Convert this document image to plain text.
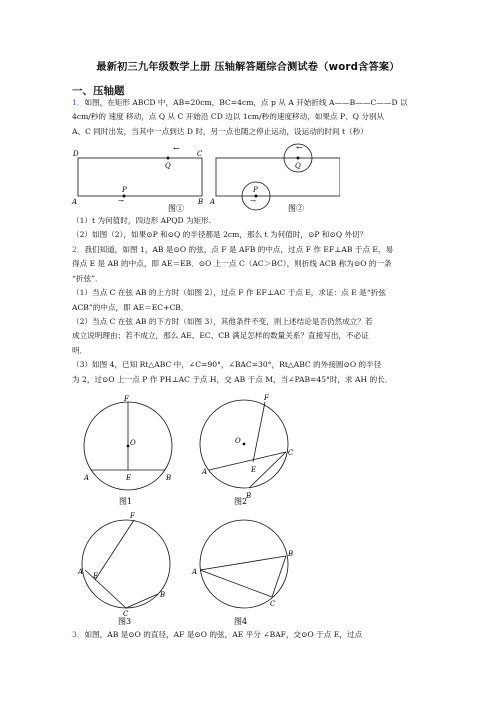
最新初三九年级数学上册 压轴解答题综合测试卷（word含答案）
一、压轴题
1．如图，在矩形 ABCD 中，AB=20cm，BC=4cm，点 p 从 A 开始折线 A——B——C——D 以
4cm/秒的 速度 移动，点 Q 从 C 开始沿 CD 边以 1cm/秒的速度移动，如果点 P、Q 分别从
A、C 同时出发，当其中一点到达 D 时，另一点也随之停止运动，设运动的时间 t（秒）
D	C
A	B
Q
←
P
→
图①
A
Q
←
P
→
图②
（1）t 为何值时，四边形 APQD 为矩形.
（2）如图（2），如果⊙P 和⊙Q 的半径都是 2cm，那么 t 为何值时，⊙P 和⊙Q 外切？
2．我们知道，如图 1，AB 是⊙O 的弦，点 F 是 AFB 的中点，过点 F 作 EF⊥AB 于点 E，易
得点 E 是 AB 的中点，即 AE＝EB．⊙O 上一点 C（AC＞BC），则折线 ACB 称为⊙O 的一条
“折弦”．
（1）当点 C 在弦 AB 的上方时（如图 2），过点 F 作 EF⊥AC 于点 E，求证：点 E 是“折弦
ACB”的中点，即 AE＝EC+CB．
（2）当点 C 在弦 AB 的下方时（如图 3），其他条件不变，则上述结论是否仍然成立？若
成立说明理由；若不成立，那么 AE、EC、CB 满足怎样的数量关系？直接写出，不必证
明．
（3）如图 4，已知 Rt△ABC 中，∠C=90°，∠BAC=30°，Rt△ABC 的外接圆⊙O 的半径
为 2，过⊙O 上一点 P 作 PH⊥AC 于点 H，交 AB 于点 M，当∠PAB=45°时，求 AH 的长．
F
O
A	E	B
图1
F
O
E
C
A
B
图2
F
A E
B
C
图3
A
B
C
图4
3．如图，AB 是⊙O 的直径，AF 是⊙O 的弦，AE 平分 ∠BAF，交⊙O 于点 E，过点
